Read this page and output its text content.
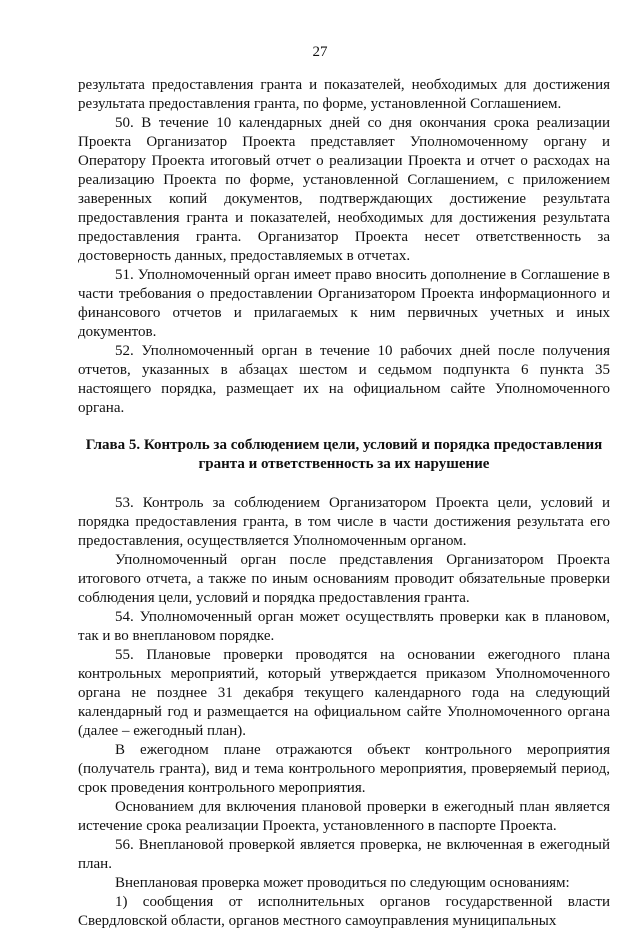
27

результата предоставления гранта и показателей, необходимых для достижения результата предоставления гранта, по форме, установленной Соглашением.

50. В течение 10 календарных дней со дня окончания срока реализации Проекта Организатор Проекта представляет Уполномоченному органу и Оператору Проекта итоговый отчет о реализации Проекта и отчет о расходах на реализацию Проекта по форме, установленной Соглашением, с приложением заверенных копий документов, подтверждающих достижение результата предоставления гранта и показателей, необходимых для достижения результата предоставления гранта. Организатор Проекта несет ответственность за достоверность данных, предоставляемых в отчетах.

51. Уполномоченный орган имеет право вносить дополнение в Соглашение в части требования о предоставлении Организатором Проекта информационного и финансового отчетов и прилагаемых к ним первичных учетных и иных документов.

52. Уполномоченный орган в течение 10 рабочих дней после получения отчетов, указанных в абзацах шестом и седьмом подпункта 6 пункта 35 настоящего порядка, размещает их на официальном сайте Уполномоченного органа.

Глава 5. Контроль за соблюдением цели, условий и порядка предоставления гранта и ответственность за их нарушение

53. Контроль за соблюдением Организатором Проекта цели, условий и порядка предоставления гранта, в том числе в части достижения результата его предоставления, осуществляется Уполномоченным органом.

Уполномоченный орган после представления Организатором Проекта итогового отчета, а также по иным основаниям проводит обязательные проверки соблюдения цели, условий и порядка предоставления гранта.

54. Уполномоченный орган может осуществлять проверки как в плановом, так и во внеплановом порядке.

55. Плановые проверки проводятся на основании ежегодного плана контрольных мероприятий, который утверждается приказом Уполномоченного органа не позднее 31 декабря текущего календарного года на следующий календарный год и размещается на официальном сайте Уполномоченного органа (далее – ежегодный план).

В ежегодном плане отражаются объект контрольного мероприятия (получатель гранта), вид и тема контрольного мероприятия, проверяемый период, срок проведения контрольного мероприятия.

Основанием для включения плановой проверки в ежегодный план является истечение срока реализации Проекта, установленного в паспорте Проекта.

56. Внеплановой проверкой является проверка, не включенная в ежегодный план.

Внеплановая проверка может проводиться по следующим основаниям:

1) сообщения от исполнительных органов государственной власти Свердловской области, органов местного самоуправления муниципальных
